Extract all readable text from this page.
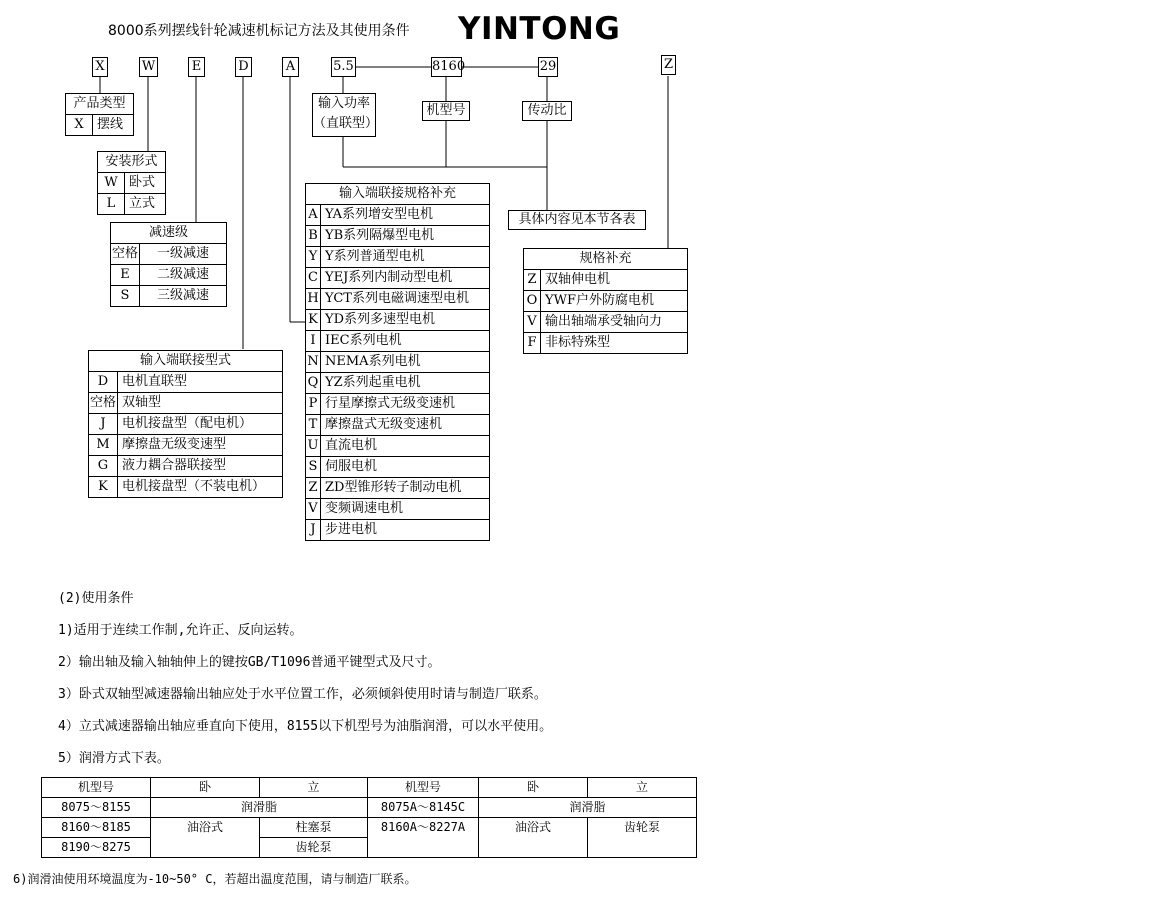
8000系列摆线针轮减速机标记方法及其使用条件 YINTONG
X	W	E	D	A	5.5	8160	29	Z
输入功率
（直联型）
机型号	传动比
具体内容见本节各表
产品类型
X	摆线
安装形式	
W	卧式
L	立式
减速级	
空格	一级减速
E	二级减速
S	三级减速
输入端联接型式	
D	电机直联型
空格	双轴型
J	电机接盘型（配电机）
M	摩擦盘无级变速型
G	液力耦合器联接型
K	电机接盘型（不装电机）
输入端联接规格补充	
A	YA系列增安型电机
B	YB系列隔爆型电机
Y	Y系列普通型电机
C	YEJ系列内制动型电机
H	YCT系列电磁调速型电机
K	YD系列多速型电机
I	IEC系列电机
N	NEMA系列电机
Q	YZ系列起重电机
P	行星摩擦式无级变速机
T	摩擦盘式无级变速机
U	直流电机
S	伺服电机
Z	ZD型锥形转子制动电机
V	变频调速电机
J	步进电机
规格补充	
Z	双轴伸电机
O	YWF户外防腐电机
V	输出轴端承受轴向力
F	非标特殊型
(2)使用条件
1)适用于连续工作制,允许正、反向运转。
2）输出轴及输入轴轴伸上的键按GB/T1096普通平键型式及尺寸。
3）卧式双轴型减速器输出轴应处于水平位置工作，必须倾斜使用时请与制造厂联系。
4）立式减速器输出轴应垂直向下使用，8155以下机型号为油脂润滑，可以水平使用。
5）润滑方式下表。
机型号	卧	立	机型号	卧	立
8075～8155	润滑脂		8075A～8145C	润滑脂	
8160～8185	油浴式	柱塞泵	8160A～8227A	油浴式	齿轮泵
8190～8275		齿轮泵			
6)润滑油使用环境温度为-10~50° C，若超出温度范围，请与制造厂联系。
